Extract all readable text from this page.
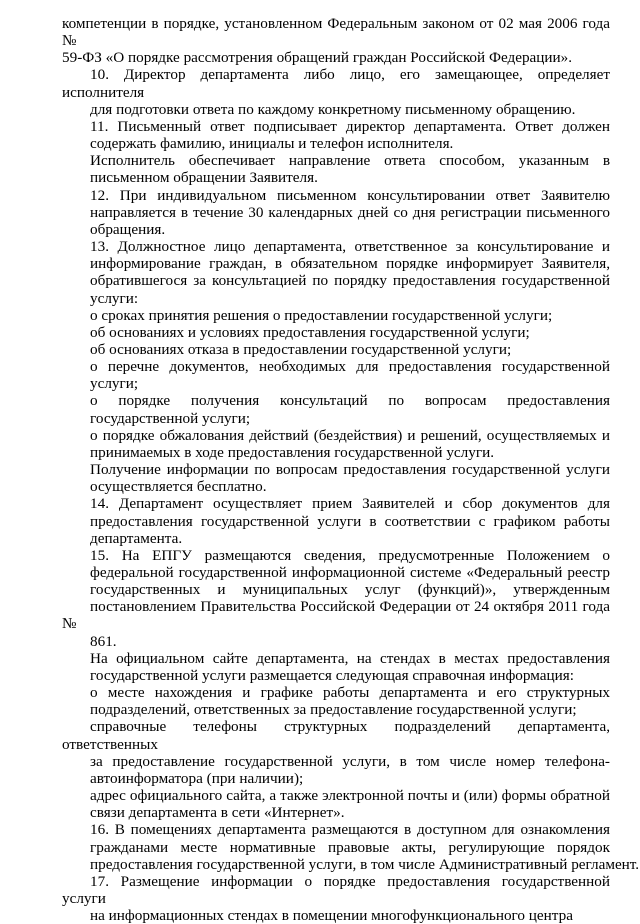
компетенции в порядке, установленном Федеральным законом от 02 мая 2006 года №
59-ФЗ «О порядке рассмотрения обращений граждан Российской Федерации».
10. Директор департамента либо лицо, его замещающее, определяет исполнителя
для подготовки ответа по каждому конкретному письменному обращению.
11. Письменный ответ подписывает директор департамента. Ответ должен
содержать фамилию, инициалы и телефон исполнителя.
Исполнитель обеспечивает направление ответа способом, указанным в
письменном обращении Заявителя.
12. При индивидуальном письменном консультировании ответ Заявителю
направляется в течение 30 календарных дней со дня регистрации письменного
обращения.
13. Должностное лицо департамента, ответственное за консультирование и
информирование граждан, в обязательном порядке информирует Заявителя,
обратившегося за консультацией по порядку предоставления государственной
услуги:
о сроках принятия решения о предоставлении государственной услуги;
об основаниях и условиях предоставления государственной услуги;
об основаниях отказа в предоставлении государственной услуги;
о перечне документов, необходимых для предоставления государственной
услуги;
о порядке получения консультаций по вопросам предоставления
государственной услуги;
о порядке обжалования действий (бездействия) и решений, осуществляемых и
принимаемых в ходе предоставления государственной услуги.
Получение информации по вопросам предоставления государственной услуги
осуществляется бесплатно.
14. Департамент осуществляет прием Заявителей и сбор документов для
предоставления государственной услуги в соответствии с графиком работы
департамента.
15. На ЕПГУ размещаются сведения, предусмотренные Положением о
федеральной государственной информационной системе «Федеральный реестр
государственных и муниципальных услуг (функций)», утвержденным
постановлением Правительства Российской Федерации от 24 октября 2011 года №
861.
На официальном сайте департамента, на стендах в местах предоставления
государственной услуги размещается следующая справочная информация:
о месте нахождения и графике работы департамента и его структурных
подразделений, ответственных за предоставление государственной услуги;
справочные телефоны структурных подразделений департамента, ответственных
за предоставление государственной услуги, в том числе номер телефона-
автоинформатора (при наличии);
адрес официального сайта, а также электронной почты и (или) формы обратной
связи департамента в сети «Интернет».
16. В помещениях департамента размещаются в доступном для ознакомления
гражданами месте нормативные правовые акты, регулирующие порядок
предоставления государственной услуги, в том числе Административный регламент.
17. Размещение информации о порядке предоставления государственной услуги
на информационных стендах в помещении многофункционального центра
